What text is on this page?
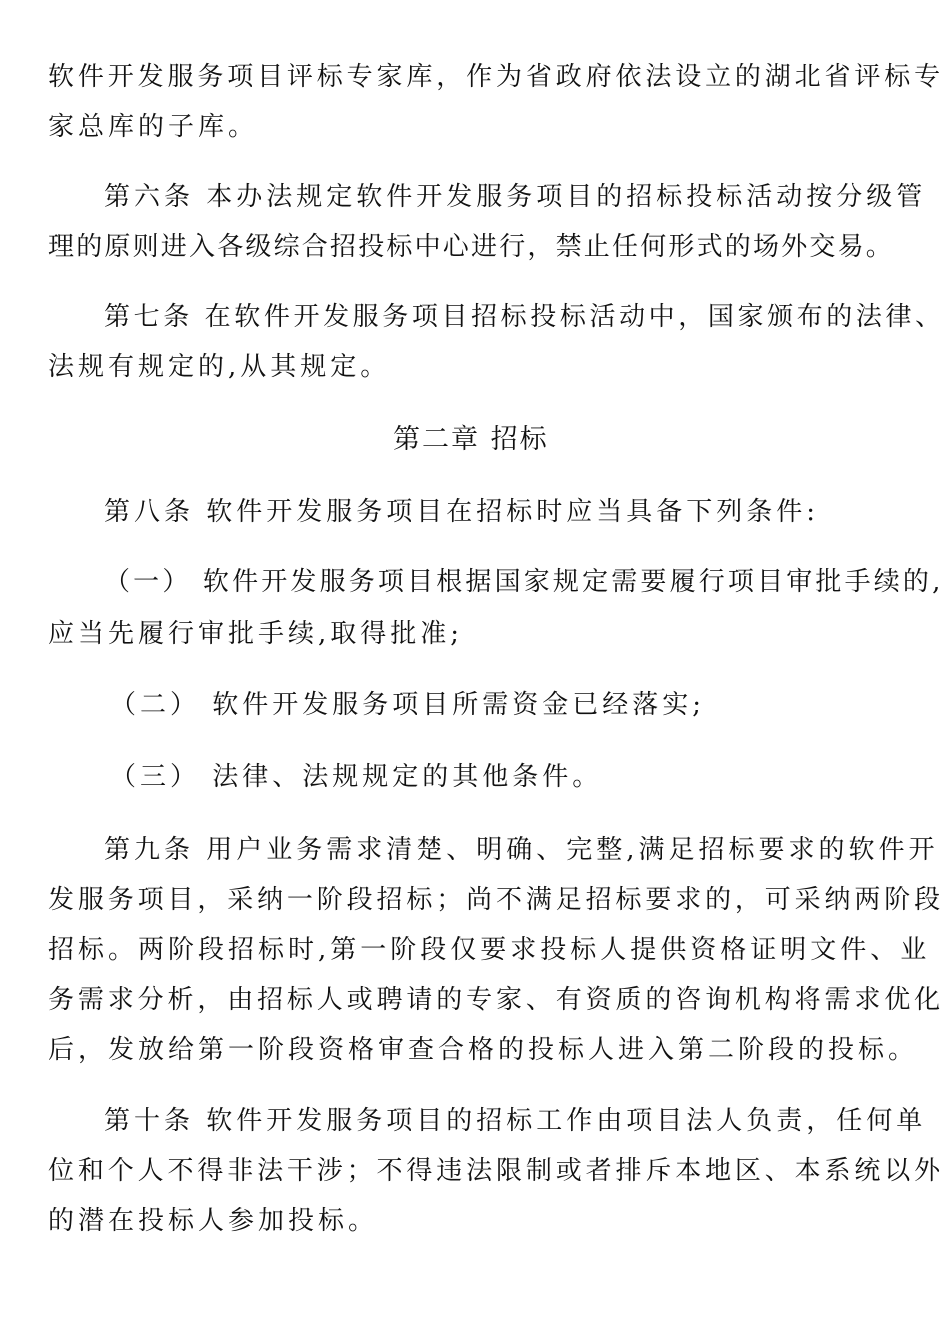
软件开发服务项目评标专家库，作为省政府依法设立的湖北省评标专
家总库的子库。
第六条 本办法规定软件开发服务项目的招标投标活动按分级管
理的原则进入各级综合招投标中心进行，禁止任何形式的场外交易。
第七条 在软件开发服务项目招标投标活动中，国家颁布的法律、
法规有规定的,从其规定。
第二章 招标
第八条 软件开发服务项目在招标时应当具备下列条件:
（一） 软件开发服务项目根据国家规定需要履行项目审批手续的,
应当先履行审批手续,取得批准;
（二） 软件开发服务项目所需资金已经落实;
（三） 法律、法规规定的其他条件。
第九条 用户业务需求清楚、明确、完整,满足招标要求的软件开
发服务项目，采纳一阶段招标；尚不满足招标要求的，可采纳两阶段
招标。两阶段招标时,第一阶段仅要求投标人提供资格证明文件、业
务需求分析，由招标人或聘请的专家、有资质的咨询机构将需求优化
后，发放给第一阶段资格审查合格的投标人进入第二阶段的投标。
第十条 软件开发服务项目的招标工作由项目法人负责，任何单
位和个人不得非法干涉；不得违法限制或者排斥本地区、本系统以外
的潜在投标人参加投标。
